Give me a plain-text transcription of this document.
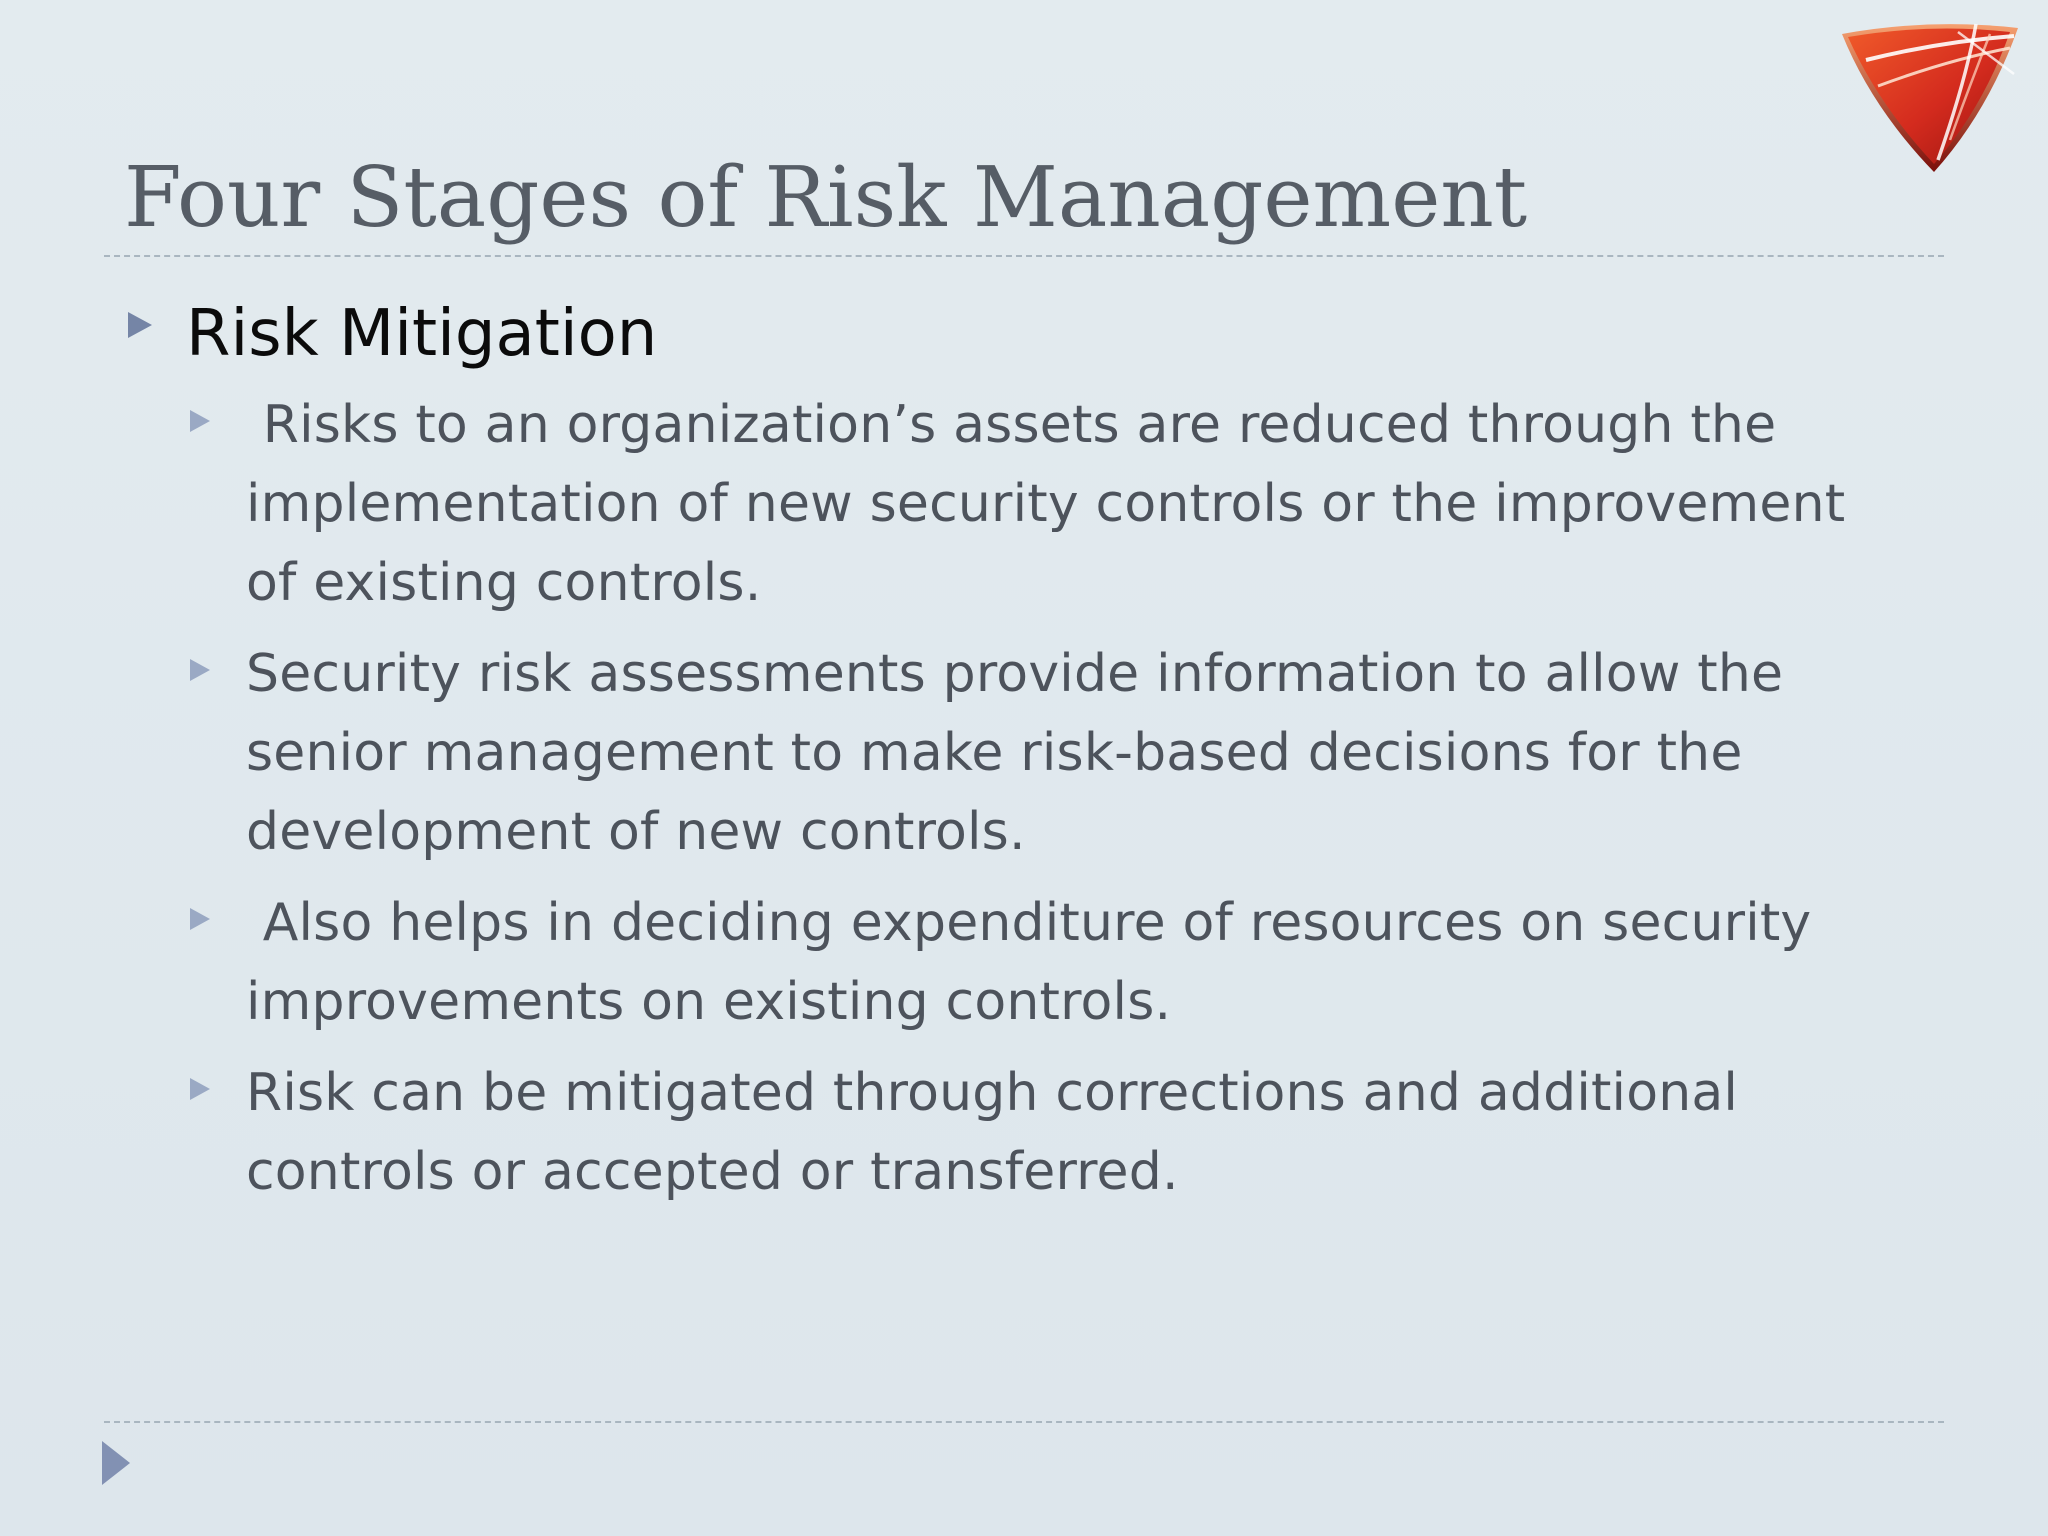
Four Stages of Risk Management
Risk Mitigation
Risks to an organization’s assets are reduced through the implementation of new security controls or the improvement of existing controls.
Security risk assessments provide information to allow the senior management to make risk-based decisions for the development of new controls.
Also helps in deciding expenditure of resources on security improvements on existing controls.
Risk can be mitigated through corrections and additional controls or accepted or transferred.
